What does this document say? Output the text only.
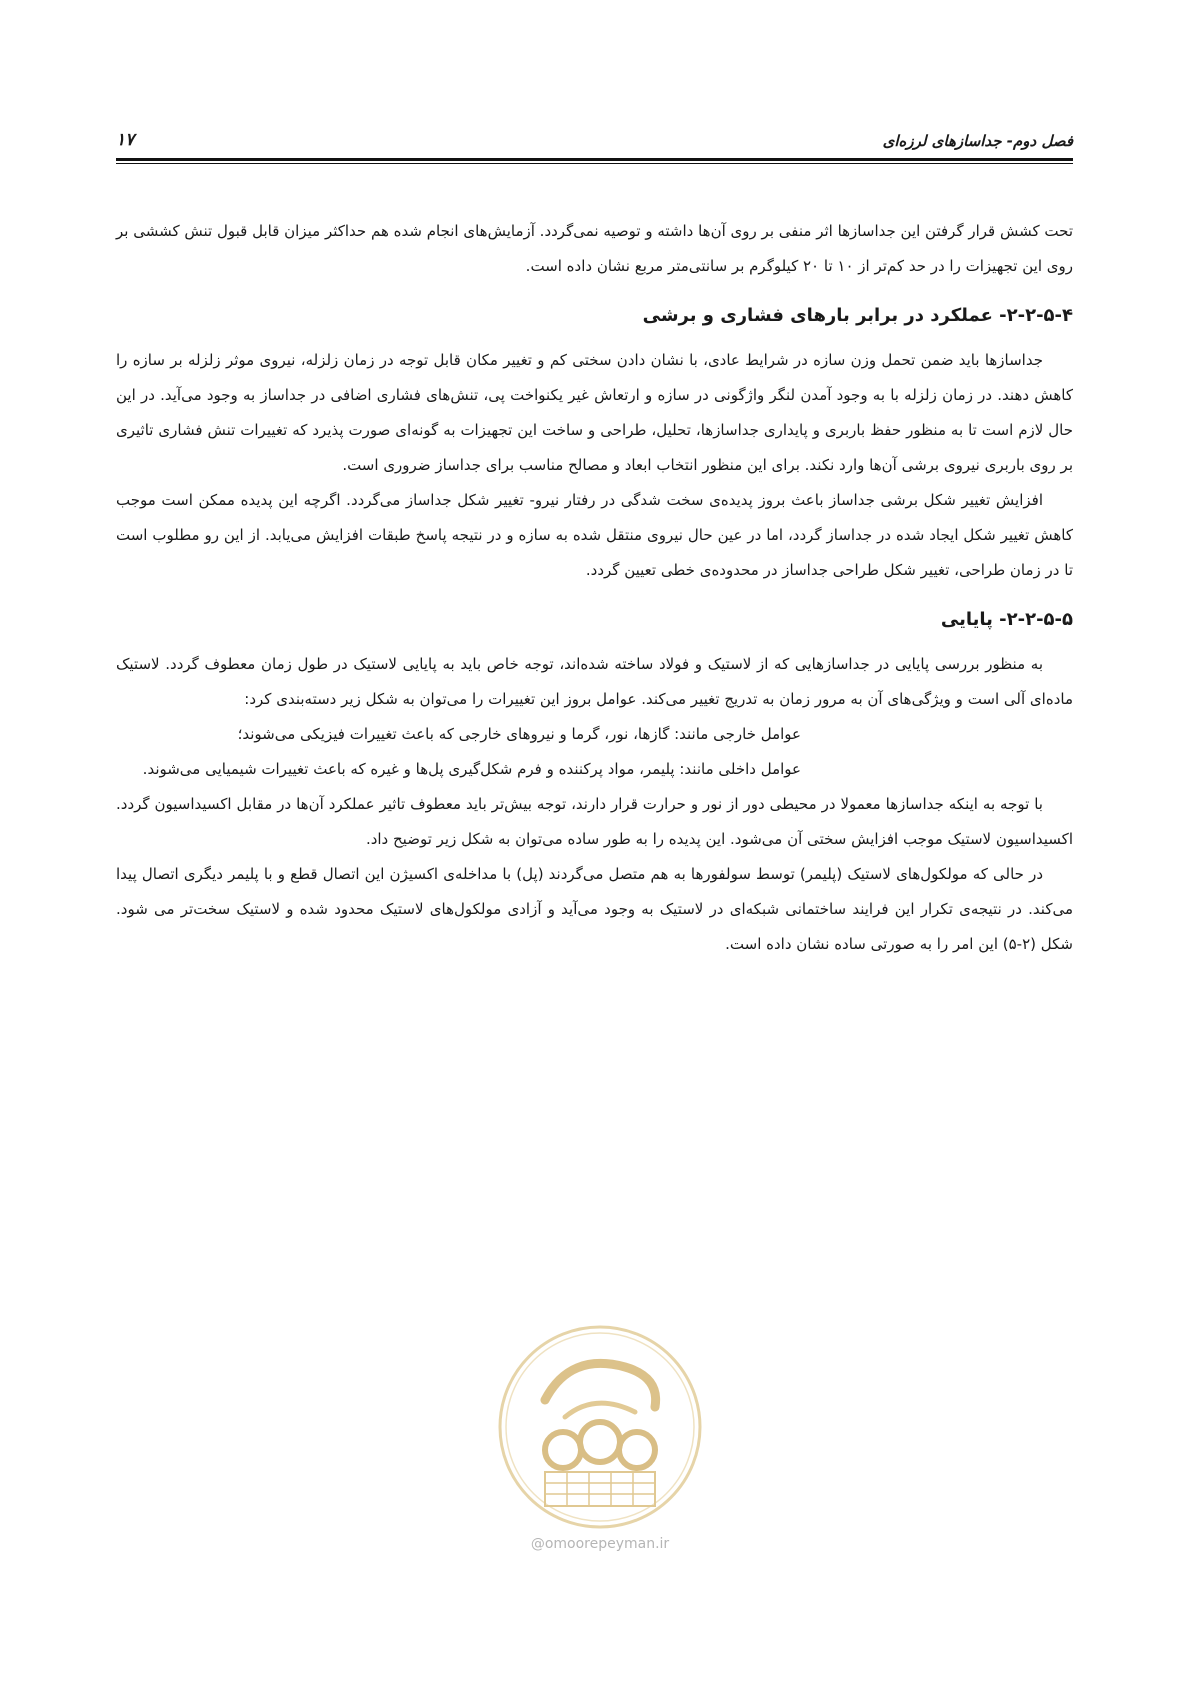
فصل دوم- جداسازهای لرزه‌ای
۱۷

تحت کشش قرار گرفتن این جداسازها اثر منفی بر روی آن‌ها داشته و توصیه نمی‌گردد. آزمایش‌های انجام شده هم حداکثر میزان قابل قبول تنش کششی بر روی این تجهیزات را در حد کم‌تر از ۱۰ تا ۲۰ کیلوگرم بر سانتی‌متر مربع نشان داده است.

۲-۲-۵-۴- عملکرد در برابر بارهای فشاری و برشی

جداسازها باید ضمن تحمل وزن سازه در شرایط عادی، با نشان دادن سختی کم و تغییر مکان قابل توجه در زمان زلزله، نیروی موثر زلزله بر سازه را کاهش دهند. در زمان زلزله با به وجود آمدن لنگر واژگونی در سازه و ارتعاش غیر یکنواخت پی، تنش‌های فشاری اضافی در جداساز به وجود می‌آید. در این حال لازم است تا به منظور حفظ باربری و پایداری جداسازها، تحلیل، طراحی و ساخت این تجهیزات به گونه‌ای صورت پذیرد که تغییرات تنش فشاری تاثیری بر روی باربری نیروی برشی آن‌ها وارد نکند. برای این منظور انتخاب ابعاد و مصالح مناسب برای جداساز ضروری است.

افزایش تغییر شکل برشی جداساز باعث بروز پدیده‌ی سخت شدگی در رفتار نیرو- تغییر شکل جداساز می‌گردد. اگرچه این پدیده ممکن است موجب کاهش تغییر شکل ایجاد شده در جداساز گردد، اما در عین حال نیروی منتقل شده به سازه و در نتیجه پاسخ طبقات افزایش می‌یابد. از این رو مطلوب است تا در زمان طراحی، تغییر شکل طراحی جداساز در محدوده‌ی خطی تعیین گردد.

۲-۲-۵-۵- پایایی

به منظور بررسی پایایی در جداسازهایی که از لاستیک و فولاد ساخته شده‌اند، توجه خاص باید به پایایی لاستیک در طول زمان معطوف گردد. لاستیک ماده‌ای آلی است و ویژگی‌های آن به مرور زمان به تدریج تغییر می‌کند. عوامل بروز این تغییرات را می‌توان به شکل زیر دسته‌بندی کرد:

عوامل خارجی مانند: گازها، نور، گرما و نیروهای خارجی که باعث تغییرات فیزیکی می‌شوند؛

عوامل داخلی مانند: پلیمر، مواد پرکننده و فرم شکل‌گیری پل‌ها و غیره که باعث تغییرات شیمیایی می‌شوند.

با توجه به اینکه جداسازها معمولا در محیطی دور از نور و حرارت قرار دارند، توجه بیش‌تر باید معطوف تاثیر عملکرد آن‌ها در مقابل اکسیداسیون گردد. اکسیداسیون لاستیک موجب افزایش سختی آن می‌شود. این پدیده را به طور ساده می‌توان به شکل زیر توضیح داد.

در حالی که مولکول‌های لاستیک (پلیمر) توسط سولفورها به هم متصل می‌گردند (پل) با مداخله‌ی اکسیژن این اتصال قطع و با پلیمر دیگری اتصال پیدا می‌کند. در نتیجه‌ی تکرار این فرایند ساختمانی شبکه‌ای در لاستیک به وجود می‌آید و آزادی مولکول‌های لاستیک محدود شده و لاستیک سخت‌تر می شود. شکل (۲-۵) این امر را به صورتی ساده نشان داده است.

@omoorepeyman.ir
